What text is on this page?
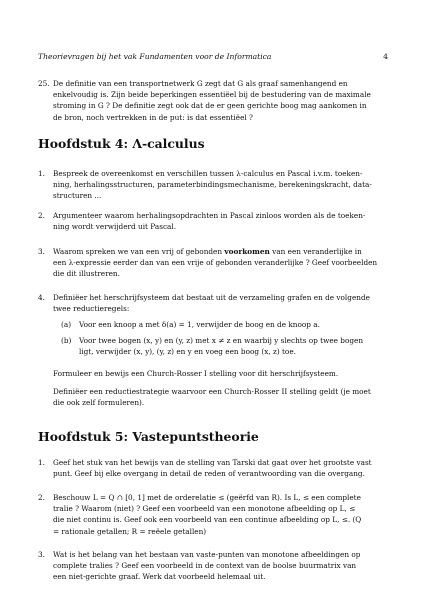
Theorievragen bij het vak Fundamenten voor de Informatica	4
25. De definitie van een transportnetwerk G zegt dat G als graaf samenhangend en
enkelvoudig is. Zijn beide beperkingen essentiëel bij de bestudering van de maximale
stroming in G ? De definitie zegt ook dat de er geen gerichte boog mag aankomen in
de bron, noch vertrekken in de put: is dat essentiëel ?
Hoofdstuk 4: Λ-calculus
1. Bespreek de overeenkomst en verschillen tussen λ-calculus en Pascal i.v.m. toeken-
ning, herhalingsstructuren, parameterbindingsmechanisme, berekeningskracht, data-
structuren ...
2. Argumenteer waarom herhalingsopdrachten in Pascal zinloos worden als de toeken-
ning wordt verwijderd uit Pascal.
3. Waarom spreken we van een vrij of gebonden voorkomen van een veranderlijke in
een λ-expressie eerder dan van een vrije of gebonden veranderlijke ? Geef voorbeelden
die dit illustreren.
4. Definiëer het herschrijfsysteem dat bestaat uit de verzameling grafen en de volgende
twee reductieregels:
(a) Voor een knoop a met δ(a) = 1, verwijder de boog en de knoop a.
(b) Voor twee bogen (x, y) en (y, z) met x ≠ z en waarbij y slechts op twee bogen
ligt, verwijder (x, y), (y, z) en y en voeg een boog (x, z) toe.
Formuleer en bewijs een Church-Rosser I stelling voor dit herschrijfsysteem.
Definiëer een reductiestrategie waarvoor een Church-Rosser II stelling geldt (je moet
die ook zelf formuleren).
Hoofdstuk 5: Vastepuntstheorie
1. Geef het stuk van het bewijs van de stelling van Tarski dat gaat over het grootste vast
punt. Geef bij elke overgang in detail de reden of verantwoording van die overgang.
2. Beschouw L = Q ∩ [0, 1] met de orderelatie ≤ (geërfd van R). Is L, ≤ een complete
tralie ? Waarom (niet) ? Geef een voorbeeld van een monotone afbeelding op L, ≤
die niet continu is. Geef ook een voorbeeld van een continue afbeelding op L, ≤. (Q
= rationale getallen; R = reëele getallen)
3. Wat is het belang van het bestaan van vaste-punten van monotone afbeeldingen op
complete tralies ? Geef een voorbeeld in de context van de boolse buurmatrix van
een niet-gerichte graaf. Werk dat voorbeeld helemaal uit.
